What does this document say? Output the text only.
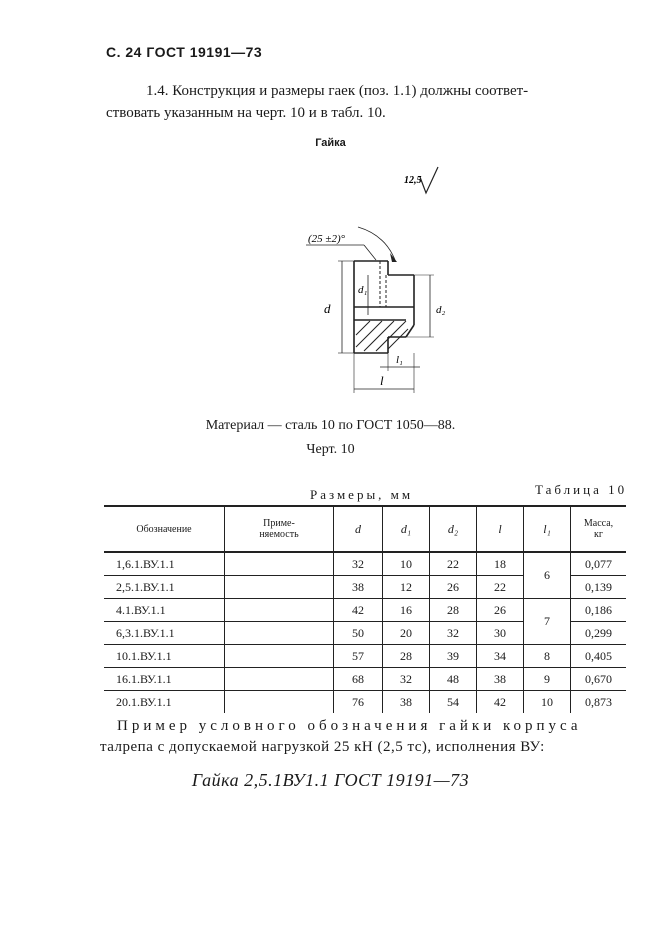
С. 24 ГОСТ 19191—73
1.4. Конструкция и размеры гаек (поз. 1.1) должны соответ-
ствовать указанным на черт. 10 и в табл. 10.
Гайка
12,5
(25 ±2)°
d
d₁
d₂
l₁
l
Материал — сталь 10 по ГОСТ 1050—88.
Черт. 10
Таблица 10
Размеры, мм
Обозначение	Приме-
няемость	d	d₁	d₂	l	l₁	Масса,
кг
1,6.1.ВУ.1.1		32	10	22	18	6	0,077
2,5.1.ВУ.1.1		38	12	26	22		0,139
4.1.ВУ.1.1		42	16	28	26	7	0,186
6,3.1.ВУ.1.1		50	20	32	30		0,299
10.1.ВУ.1.1		57	28	39	34	8	0,405
16.1.ВУ.1.1		68	32	48	38	9	0,670
20.1.ВУ.1.1		76	38	54	42	10	0,873
Пример условного обозначения гайки корпуса
талрепа с допускаемой нагрузкой 25 кН (2,5 тс), исполнения ВУ:
Гайка 2,5.1ВУ1.1 ГОСТ 19191—73
